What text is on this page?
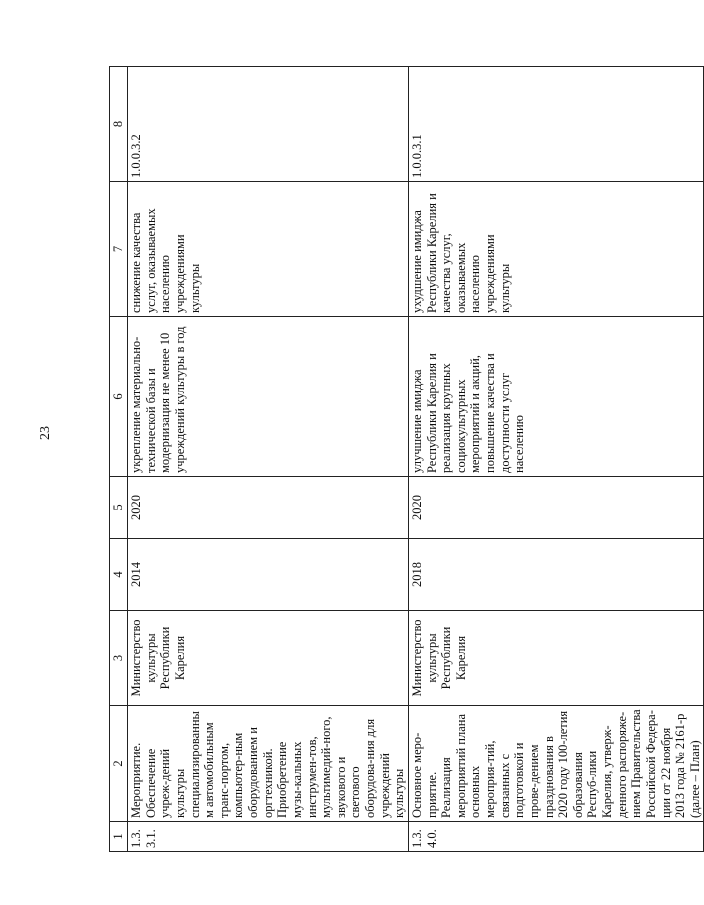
23
1	2	3	4	5	6	7	8
1.3.3.1.	Мероприятие. Обеспечение учреж-дений культуры специализированным автомобильным транс-портом, компьютер-ным оборудованием и оргтехникой. Приобретение музы-кальных инструмен-тов, мультимедий-ного, звукового и светового оборудова-ния для учреждений культуры	Министерство культуры Республики Карелия	2014	2020	укрепление материально-технической базы и модернизация не менее 10 учреждений культуры в год	снижение качества услуг, оказываемых населению учреждениями культуры	1.0.0.3.2
1.3.4.0.	Основное меро-приятие. Реализация мероприятий плана основных мероприя-тий, связанных с подготовкой и прове-дением празднования в 2020 году 100-летия образования Респуб-лики Карелия, утверж-денного распоряже-нием Правительства Российской Федера-ции от 22 ноября 2013 года № 2161-р (далее – План)	Министерство культуры Республики Карелия	2018	2020	улучшение имиджа Республики Карелия и реализация крупных социокультурных мероприятий и акций, повышение качества и доступности услуг населению	ухудшение имиджа Республики Карелия и качества услуг, оказываемых населению учреждениями культуры	1.0.0.3.1
